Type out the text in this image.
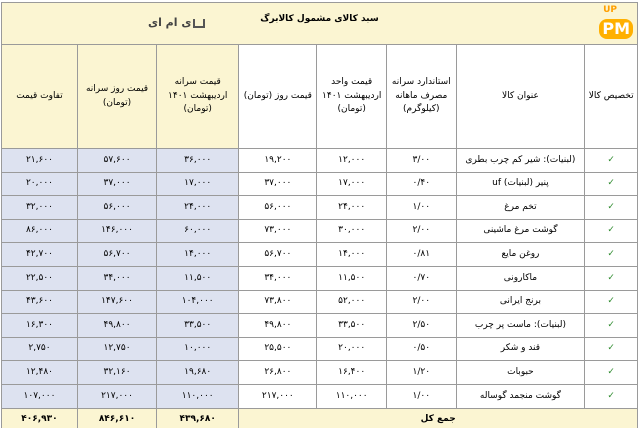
UP
PM
سبد کالای مشمول کالابرگ
ی ام ای							

تخصیص کالا	عنوان کالا	استاندارد سرانه مصرف ماهانه (کیلوگرم)	قیمت واحد اردیبهشت ۱۴۰۱ (تومان)	قیمت روز (تومان)	قیمت سرانه اردیبهشت ۱۴۰۱ (تومان)	قیمت روز سرانه (تومان)	تفاوت قیمت
✓	(لبنیات): شیر کم چرب بطری	۳/۰۰	۱۲,۰۰۰	۱۹,۲۰۰	۳۶,۰۰۰	۵۷,۶۰۰	۲۱,۶۰۰
✓	پنیر (لبنیات) uf	۰/۴۰	۱۷,۰۰۰	۳۷,۰۰۰	۱۷,۰۰۰	۳۷,۰۰۰	۲۰,۰۰۰
✓	تخم مرغ	۱/۰۰	۲۴,۰۰۰	۵۶,۰۰۰	۲۴,۰۰۰	۵۶,۰۰۰	۳۲,۰۰۰
✓	گوشت مرغ ماشینی	۲/۰۰	۳۰,۰۰۰	۷۳,۰۰۰	۶۰,۰۰۰	۱۴۶,۰۰۰	۸۶,۰۰۰
✓	روغن مایع	۰/۸۱	۱۴,۰۰۰	۵۶,۷۰۰	۱۴,۰۰۰	۵۶,۷۰۰	۴۲,۷۰۰
✓	ماکارونی	۰/۷۰	۱۱,۵۰۰	۳۴,۰۰۰	۱۱,۵۰۰	۳۴,۰۰۰	۲۲,۵۰۰
✓	برنج ایرانی	۲/۰۰	۵۲,۰۰۰	۷۳,۸۰۰	۱۰۴,۰۰۰	۱۴۷,۶۰۰	۴۳,۶۰۰
✓	(لبنیات): ماست پر چرب	۲/۵۰	۳۳,۵۰۰	۴۹,۸۰۰	۳۳,۵۰۰	۴۹,۸۰۰	۱۶,۳۰۰
✓	قند و شکر	۰/۵۰	۲۰,۰۰۰	۲۵,۵۰۰	۱۰,۰۰۰	۱۲,۷۵۰	۲,۷۵۰
✓	حبوبات	۱/۲۰	۱۶,۴۰۰	۲۶,۸۰۰	۱۹,۶۸۰	۳۲,۱۶۰	۱۲,۴۸۰
✓	گوشت منجمد گوساله	۱/۰۰	۱۱۰,۰۰۰	۲۱۷,۰۰۰	۱۱۰,۰۰۰	۲۱۷,۰۰۰	۱۰۷,۰۰۰
جمع کل					۴۳۹,۶۸۰	۸۴۶,۶۱۰	۴۰۶,۹۳۰
